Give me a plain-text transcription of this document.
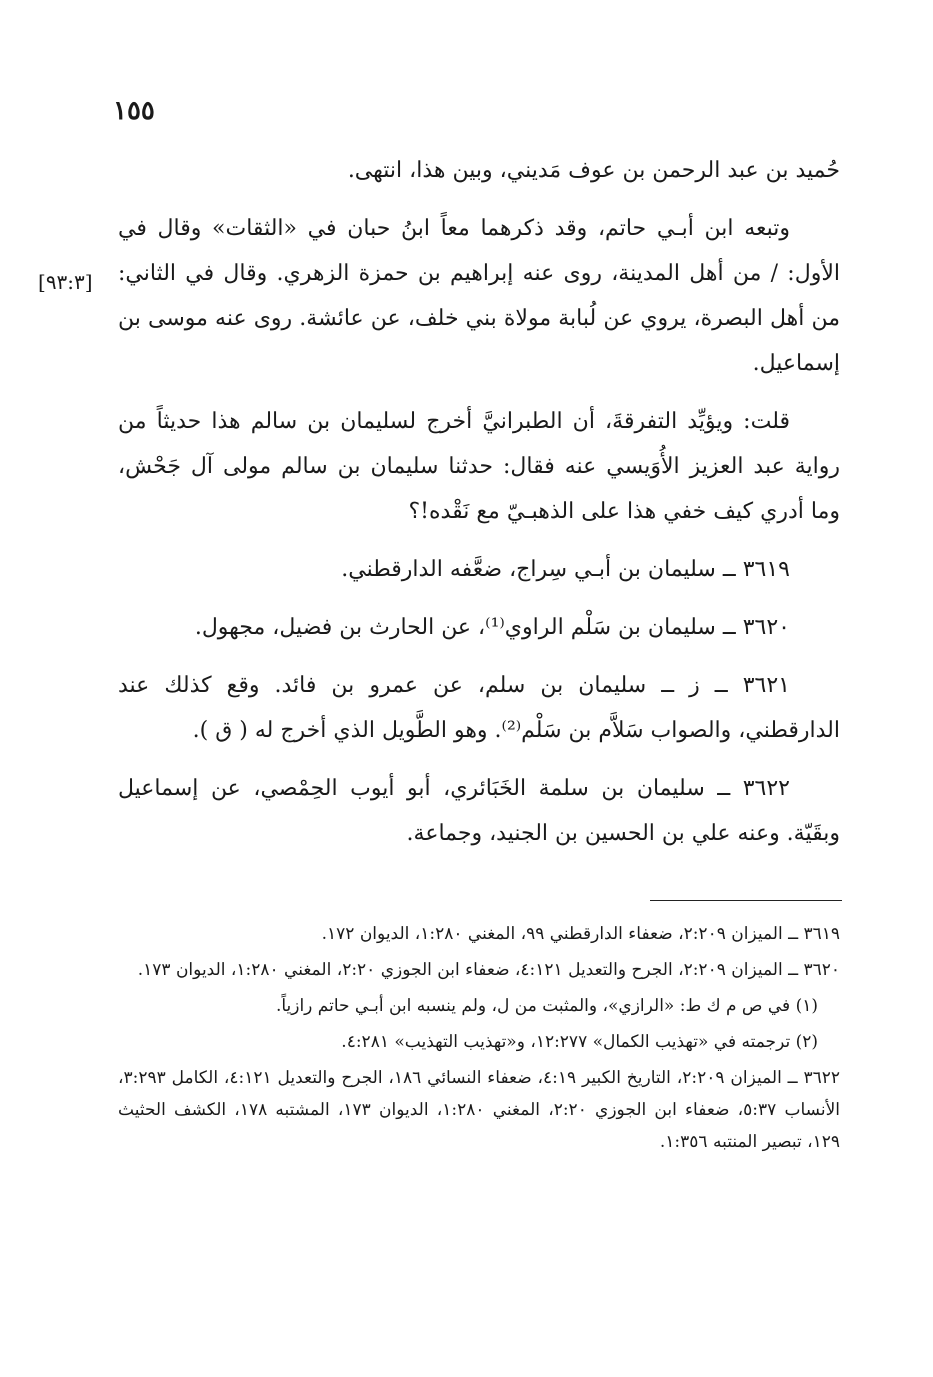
١٥٥
[٩٣:٣]

حُميد بن عبد الرحمن بن عوف مَديني، وبين هذا، انتهى.

وتبعه ابن أبـي حاتم، وقد ذكرهما معاً ابنُ حبان في «الثقات» وقال في الأول: / من أهل المدينة، روى عنه إبراهيم بن حمزة الزهري. وقال في الثاني: من أهل البصرة، يروي عن لُبابة مولاة بني خلف، عن عائشة. روى عنه موسى بن إسماعيل.

قلت: ويؤيِّد التفرقةَ، أن الطبرانيَّ أخرج لسليمان بن سالم هذا حديثاً من رواية عبد العزيز الأُوَيسي عنه فقال: حدثنا سليمان بن سالم مولى آل جَحْش، وما أدري كيف خفي هذا على الذهبـيّ مع نَقْده!؟

٣٦١٩ ــ سليمان بن أبـي سِراج، ضعَّفه الدارقطني.

٣٦٢٠ ــ سليمان بن سَلْم الراوي⁽¹⁾، عن الحارث بن فضيل، مجهول.

٣٦٢١ ــ ز ــ سليمان بن سلم، عن عمرو بن فائد. وقع كذلك عند الدارقطني، والصواب سَلاَّم بن سَلْم⁽²⁾. وهو الطَّويل الذي أخرج له ( ق ).

٣٦٢٢ ــ سليمان بن سلمة الخَبَائري، أبو أيوب الحِمْصي، عن إسماعيل وبقَيّة. وعنه علي بن الحسين بن الجنيد، وجماعة.

٣٦١٩ ــ الميزان ٢:٢٠٩، ضعفاء الدارقطني ٩٩، المغني ١:٢٨٠، الديوان ١٧٢.

٣٦٢٠ ــ الميزان ٢:٢٠٩، الجرح والتعديل ٤:١٢١، ضعفاء ابن الجوزي ٢:٢٠، المغني ١:٢٨٠، الديوان ١٧٣.

(١) في ص م ك ط: «الرازي»، والمثبت من ل، ولم ينسبه ابن أبـي حاتم رازياً.

(٢) ترجمته في «تهذيب الكمال» ١٢:٢٧٧، و«تهذيب التهذيب» ٤:٢٨١.

٣٦٢٢ ــ الميزان ٢:٢٠٩، التاريخ الكبير ٤:١٩، ضعفاء النسائي ١٨٦، الجرح والتعديل ٤:١٢١، الكامل ٣:٢٩٣، الأنساب ٥:٣٧، ضعفاء ابن الجوزي ٢:٢٠، المغني ١:٢٨٠، الديوان ١٧٣، المشتبه ١٧٨، الكشف الحثيث ١٢٩، تبصير المنتبه ١:٣٥٦.
